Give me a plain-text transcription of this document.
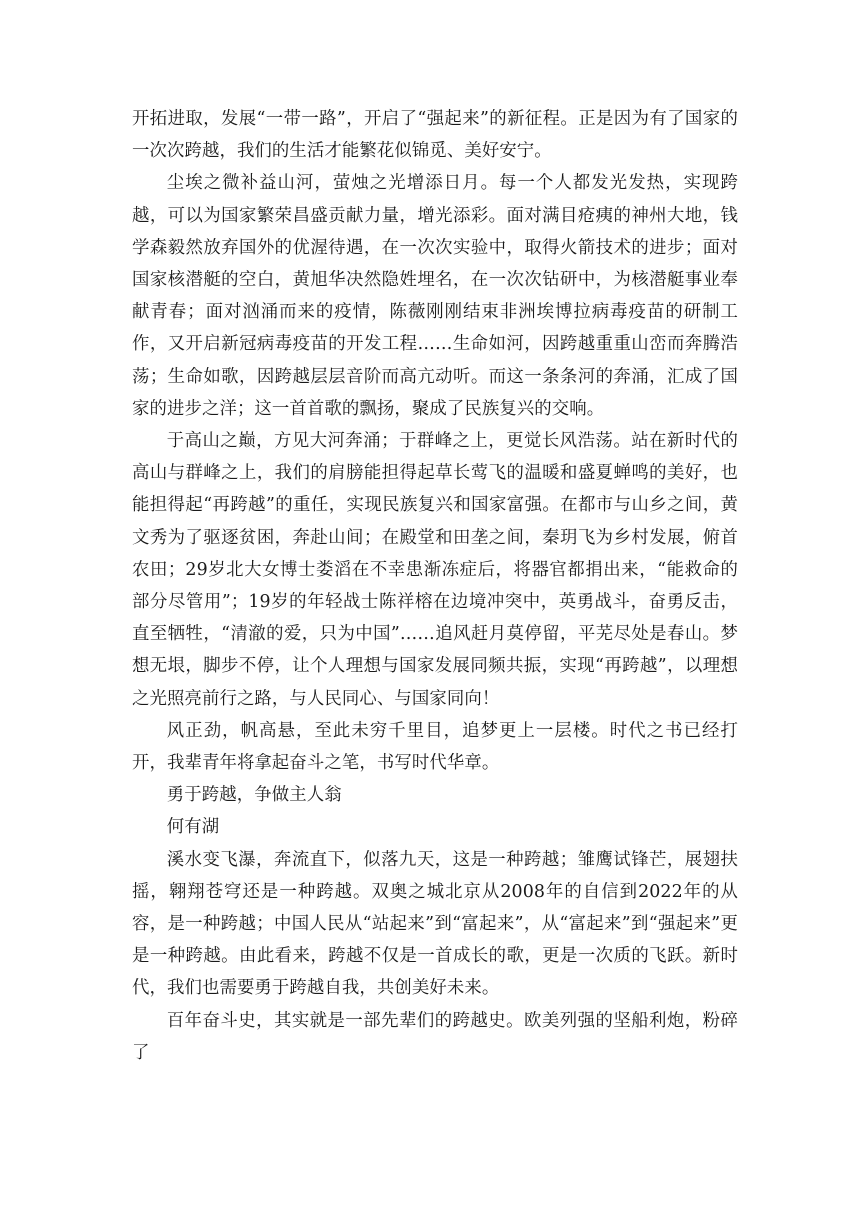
开拓进取，发展“一带一路”，开启了“强起来”的新征程。正是因为有了国家的一次次跨越，我们的生活才能繁花似锦觅、美好安宁。

尘埃之微补益山河，萤烛之光增添日月。每一个人都发光发热，实现跨越，可以为国家繁荣昌盛贡献力量，增光添彩。面对满目疮痍的神州大地，钱学森毅然放弃国外的优渥待遇，在一次次实验中，取得火箭技术的进步；面对国家核潜艇的空白，黄旭华决然隐姓埋名，在一次次钻研中，为核潜艇事业奉献青春；面对汹涌而来的疫情，陈薇刚刚结束非洲埃博拉病毒疫苗的研制工作，又开启新冠病毒疫苗的开发工程……生命如河，因跨越重重山峦而奔腾浩荡；生命如歌，因跨越层层音阶而高亢动听。而这一条条河的奔涌，汇成了国家的进步之洋；这一首首歌的飘扬，聚成了民族复兴的交响。

于高山之巅，方见大河奔涌；于群峰之上，更觉长风浩荡。站在新时代的高山与群峰之上，我们的肩膀能担得起草长莺飞的温暖和盛夏蝉鸣的美好，也能担得起“再跨越”的重任，实现民族复兴和国家富强。在都市与山乡之间，黄文秀为了驱逐贫困，奔赴山间；在殿堂和田垄之间，秦玥飞为乡村发展，俯首农田；29岁北大女博士娄滔在不幸患渐冻症后，将器官都捐出来，“能救命的部分尽管用”；19岁的年轻战士陈祥榕在边境冲突中，英勇战斗，奋勇反击，直至牺牲，“清澈的爱，只为中国”……追风赶月莫停留，平芜尽处是春山。梦想无垠，脚步不停，让个人理想与国家发展同频共振，实现“再跨越”，以理想之光照亮前行之路，与人民同心、与国家同向！

风正劲，帆高悬，至此未穷千里目，追梦更上一层楼。时代之书已经打开，我辈青年将拿起奋斗之笔，书写时代华章。

勇于跨越，争做主人翁

何有湖

溪水变飞瀑，奔流直下，似落九天，这是一种跨越；雏鹰试锋芒，展翅扶摇，翱翔苍穹还是一种跨越。双奥之城北京从2008年的自信到2022年的从容，是一种跨越；中国人民从“站起来”到“富起来”，从“富起来”到“强起来”更是一种跨越。由此看来，跨越不仅是一首成长的歌，更是一次质的飞跃。新时代，我们也需要勇于跨越自我，共创美好未来。

百年奋斗史，其实就是一部先辈们的跨越史。欧美列强的坚船利炮，粉碎了
